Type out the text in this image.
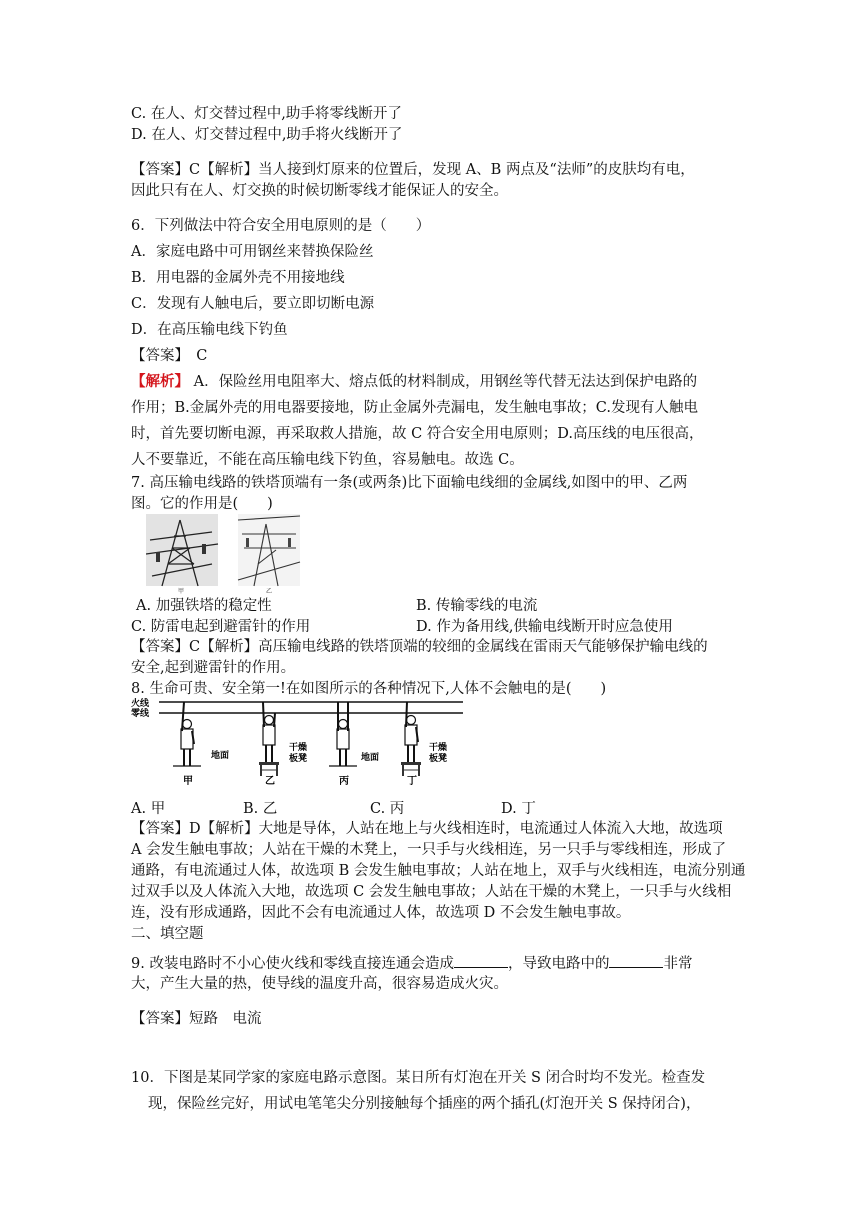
C. 在人、灯交替过程中,助手将零线断开了
D. 在人、灯交替过程中,助手将火线断开了
【答案】C【解析】当人接到灯原来的位置后，发现 A、B 两点及“法师”的皮肤均有电，
因此只有在人、灯交换的时候切断零线才能保证人的安全。
6．下列做法中符合安全用电原则的是（　　）
A．家庭电路中可用钢丝来替换保险丝
B．用电器的金属外壳不用接地线
C．发现有人触电后，要立即切断电源
D．在高压输电线下钓鱼
【答案】　C
【解析】 A．保险丝用电阻率大、熔点低的材料制成，用钢丝等代替无法达到保护电路的
作用；B.金属外壳的用电器要接地，防止金属外壳漏电，发生触电事故；C.发现有人触电
时，首先要切断电源，再采取救人措施，故 C 符合安全用电原则；D.高压线的电压很高，
人不要靠近，不能在高压输电线下钓鱼，容易触电。故选 C。
7. 高压输电线路的铁塔顶端有一条(或两条)比下面输电线细的金属线,如图中的甲、乙两
图。它的作用是(　　)
甲	乙
A. 加强铁塔的稳定性	B. 传输零线的电流
C. 防雷电起到避雷针的作用	D. 作为备用线,供输电线断开时应急使用
【答案】C【解析】高压输电线路的铁塔顶端的较细的金属线在雷雨天气能够保护输电线的
安全,起到避雷针的作用。
8. 生命可贵、安全第一!在如图所示的各种情况下,人体不会触电的是(　　)
火线
零线
地面
干燥
板凳	地面
干燥
板凳
甲	乙	丙	丁
A. 甲	B. 乙	C. 丙	D. 丁
【答案】D【解析】大地是导体，人站在地上与火线相连时，电流通过人体流入大地，故选项
A 会发生触电事故；人站在干燥的木凳上，一只手与火线相连，另一只手与零线相连，形成了
通路，有电流通过人体，故选项 B 会发生触电事故；人站在地上，双手与火线相连，电流分别通
过双手以及人体流入大地，故选项 C 会发生触电事故；人站在干燥的木凳上，一只手与火线相
连，没有形成通路，因此不会有电流通过人体，故选项 D 不会发生触电事故。
二、填空题
9. 改装电路时不小心使火线和零线直接连通会造成	，导致电路中的	非常
大，产生大量的热，使导线的温度升高，很容易造成火灾。
【答案】短路　电流
10．下图是某同学家的家庭电路示意图。某日所有灯泡在开关 S 闭合时均不发光。检查发
现，保险丝完好，用试电笔笔尖分别接触每个插座的两个插孔(灯泡开关 S 保持闭合)，
